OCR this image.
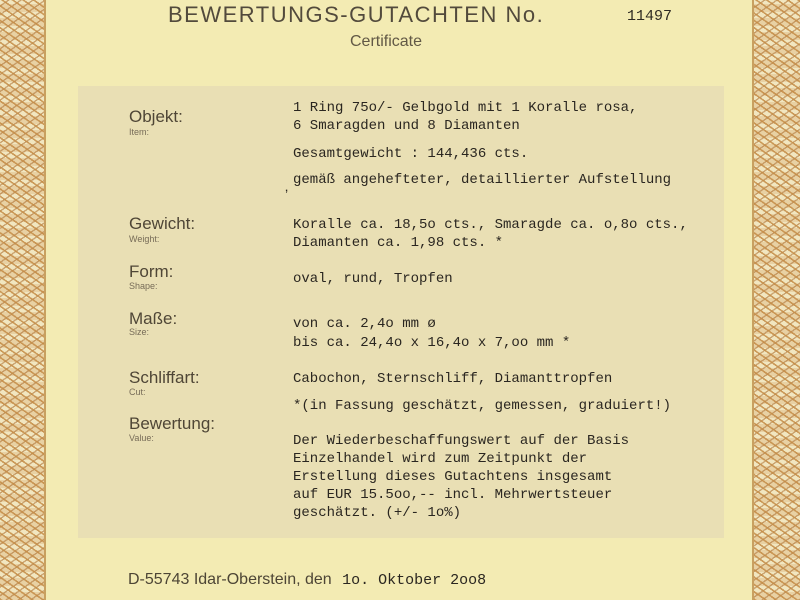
BEWERTUNGS-GUTACHTEN No.	11497
Certificate
Objekt:
Item:
1 Ring 75o/- Gelbgold mit 1 Koralle rosa,
6 Smaragden und 8 Diamanten
Gesamtgewicht : 144,436 cts.
‚ gemäß angehefteter, detaillierter Aufstellung
Gewicht:
Weight:
Koralle ca. 18,5o cts., Smaragde ca. o,8o cts.,
Diamanten ca. 1,98 cts. *
Form:
Shape:	oval, rund, Tropfen
Maße:
Size:	von ca. 2,4o mm ø
bis ca. 24,4o x 16,4o x 7,oo mm *
Schliffart:
Cut:
Cabochon, Sternschliff, Diamanttropfen
*(in Fassung geschätzt, gemessen, graduiert!)
Bewertung:
Value:	Der Wiederbeschaffungswert auf der Basis
Einzelhandel wird zum Zeitpunkt der
Erstellung dieses Gutachtens insgesamt
auf EUR 15.5oo,-- incl. Mehrwertsteuer
geschätzt. (+/- 1o%)
D-55743 Idar-Oberstein, den 1o. Oktober 2oo8
